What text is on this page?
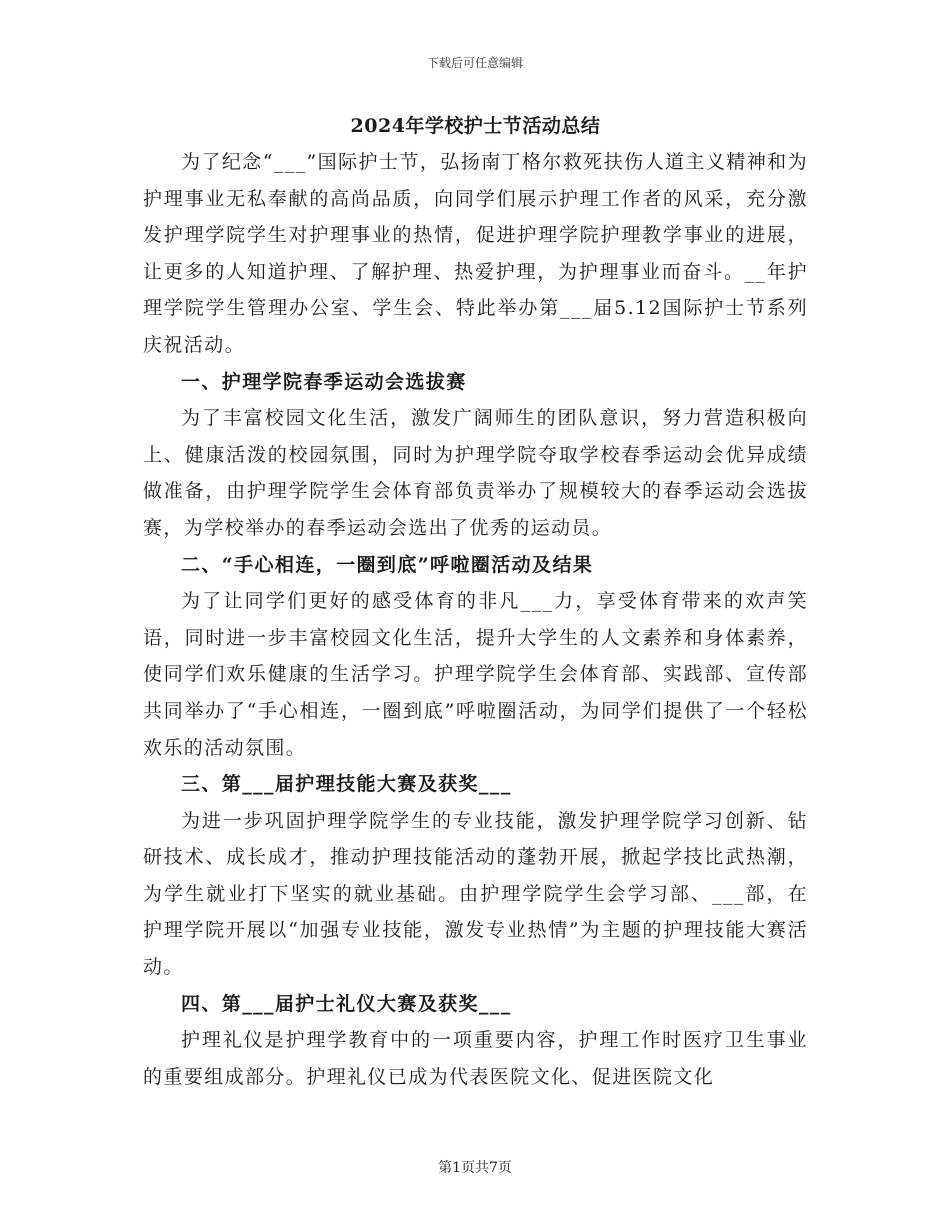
下载后可任意编辑
2024年学校护士节活动总结

为了纪念“___”国际护士节，弘扬南丁格尔救死扶伤人道主义精神和为护理事业无私奉献的高尚品质，向同学们展示护理工作者的风采，充分激发护理学院学生对护理事业的热情，促进护理学院护理教学事业的进展，让更多的人知道护理、了解护理、热爱护理，为护理事业而奋斗。__年护理学院学生管理办公室、学生会、特此举办第___届5.12国际护士节系列庆祝活动。

一、护理学院春季运动会选拔赛

为了丰富校园文化生活，激发广阔师生的团队意识，努力营造积极向上、健康活泼的校园氛围，同时为护理学院夺取学校春季运动会优异成绩做准备，由护理学院学生会体育部负责举办了规模较大的春季运动会选拔赛，为学校举办的春季运动会选出了优秀的运动员。

二、“手心相连，一圈到底”呼啦圈活动及结果

为了让同学们更好的感受体育的非凡___力，享受体育带来的欢声笑语，同时进一步丰富校园文化生活，提升大学生的人文素养和身体素养，使同学们欢乐健康的生活学习。护理学院学生会体育部、实践部、宣传部共同举办了“手心相连，一圈到底”呼啦圈活动，为同学们提供了一个轻松欢乐的活动氛围。

三、第___届护理技能大赛及获奖___

为进一步巩固护理学院学生的专业技能，激发护理学院学习创新、钻研技术、成长成才，推动护理技能活动的蓬勃开展，掀起学技比武热潮，为学生就业打下坚实的就业基础。由护理学院学生会学习部、___部，在护理学院开展以“加强专业技能，激发专业热情”为主题的护理技能大赛活动。

四、第___届护士礼仪大赛及获奖___

护理礼仪是护理学教育中的一项重要内容，护理工作时医疗卫生事业的重要组成部分。护理礼仪已成为代表医院文化、促进医院文化

第1页共7页
